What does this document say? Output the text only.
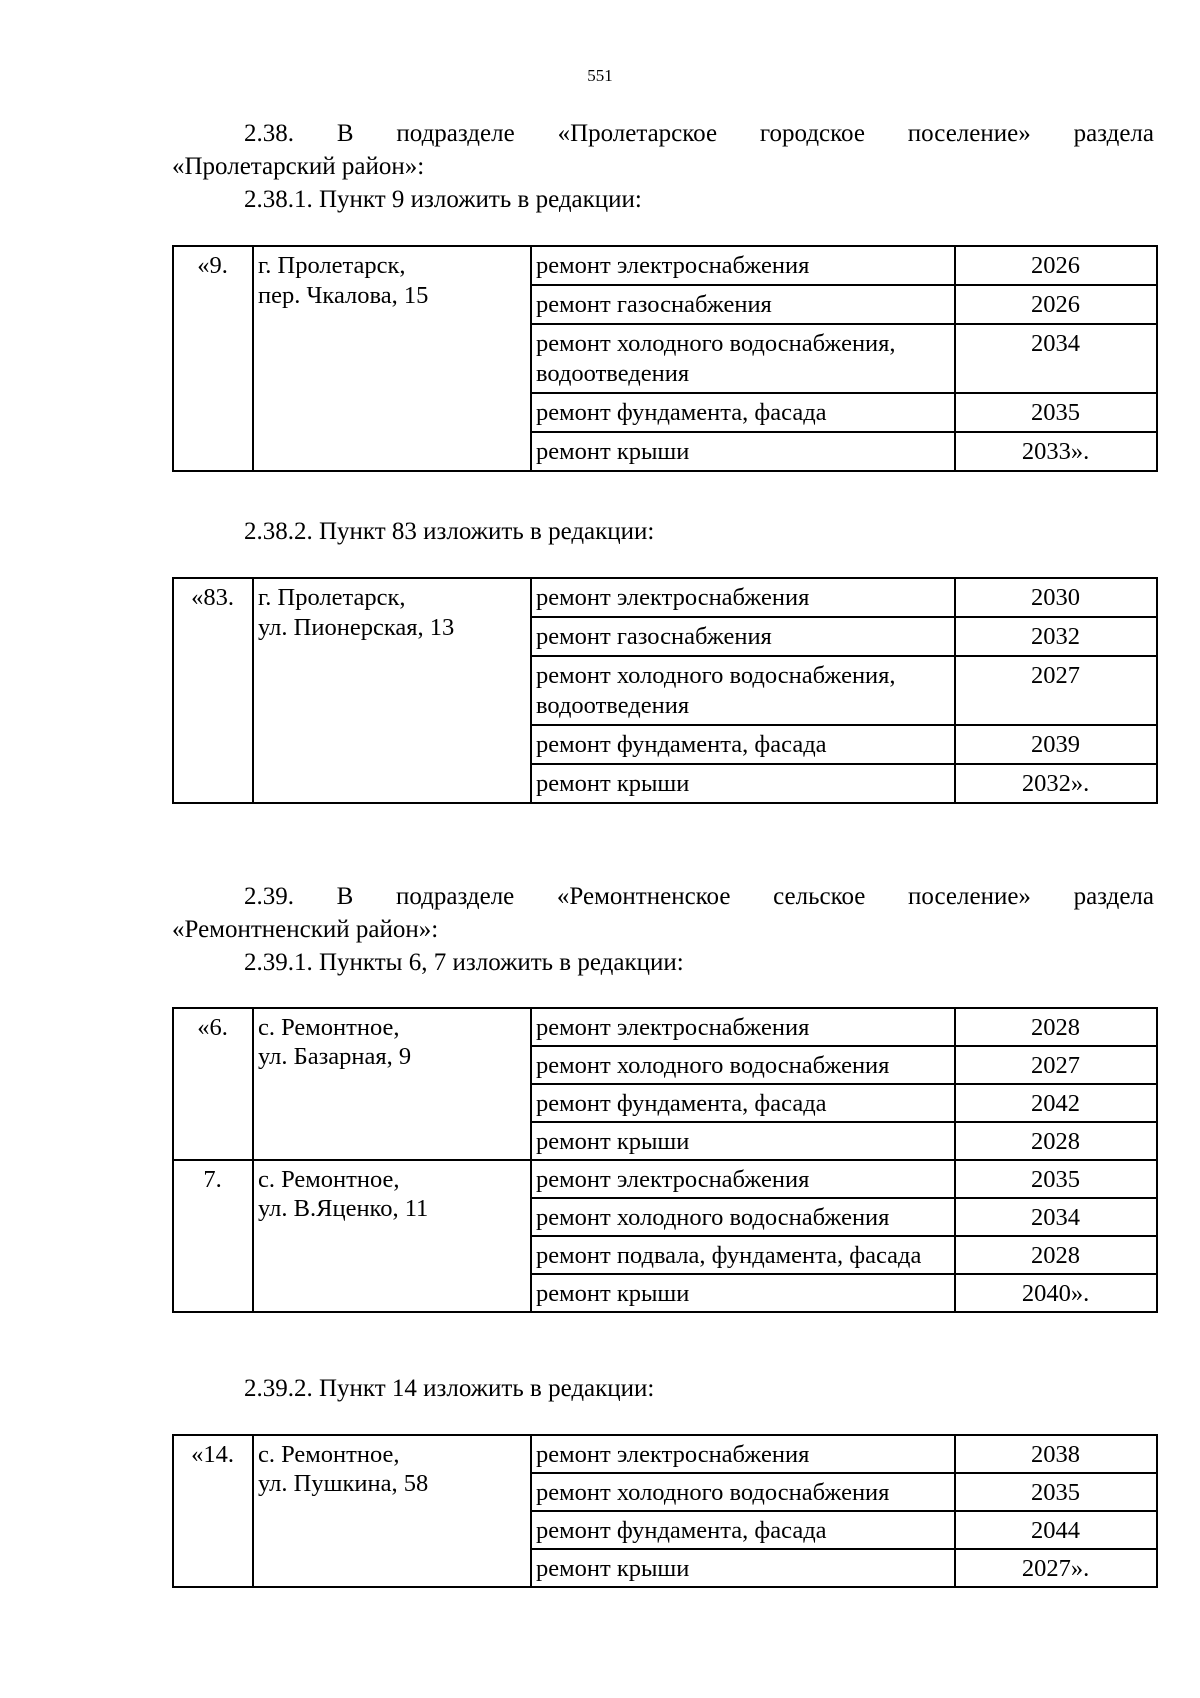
551
2.38. В подразделе «Пролетарское городское поселение» раздела
«Пролетарский район»:
2.38.1. Пункт 9 изложить в редакции:
«9.	г. Пролетарск,
пер. Чкалова, 15	ремонт электроснабжения	2026
		ремонт газоснабжения	2026
		ремонт холодного водоснабжения, водоотведения	2034
		ремонт фундамента, фасада	2035
		ремонт крыши	2033».
2.38.2. Пункт 83 изложить в редакции:
«83.	г. Пролетарск,
ул. Пионерская, 13	ремонт электроснабжения	2030
		ремонт газоснабжения	2032
		ремонт холодного водоснабжения, водоотведения	2027
		ремонт фундамента, фасада	2039
		ремонт крыши	2032».
2.39. В подразделе «Ремонтненское сельское поселение» раздела
«Ремонтненский район»:
2.39.1. Пункты 6, 7 изложить в редакции:
«6.	с. Ремонтное,
ул. Базарная, 9	ремонт электроснабжения	2028
		ремонт холодного водоснабжения	2027
		ремонт фундамента, фасада	2042
		ремонт крыши	2028
7.	с. Ремонтное,
ул. В.Яценко, 11	ремонт электроснабжения	2035
		ремонт холодного водоснабжения	2034
		ремонт подвала, фундамента, фасада	2028
		ремонт крыши	2040».
2.39.2. Пункт 14 изложить в редакции:
«14.	с. Ремонтное,
ул. Пушкина, 58	ремонт электроснабжения	2038
		ремонт холодного водоснабжения	2035
		ремонт фундамента, фасада	2044
		ремонт крыши	2027».
